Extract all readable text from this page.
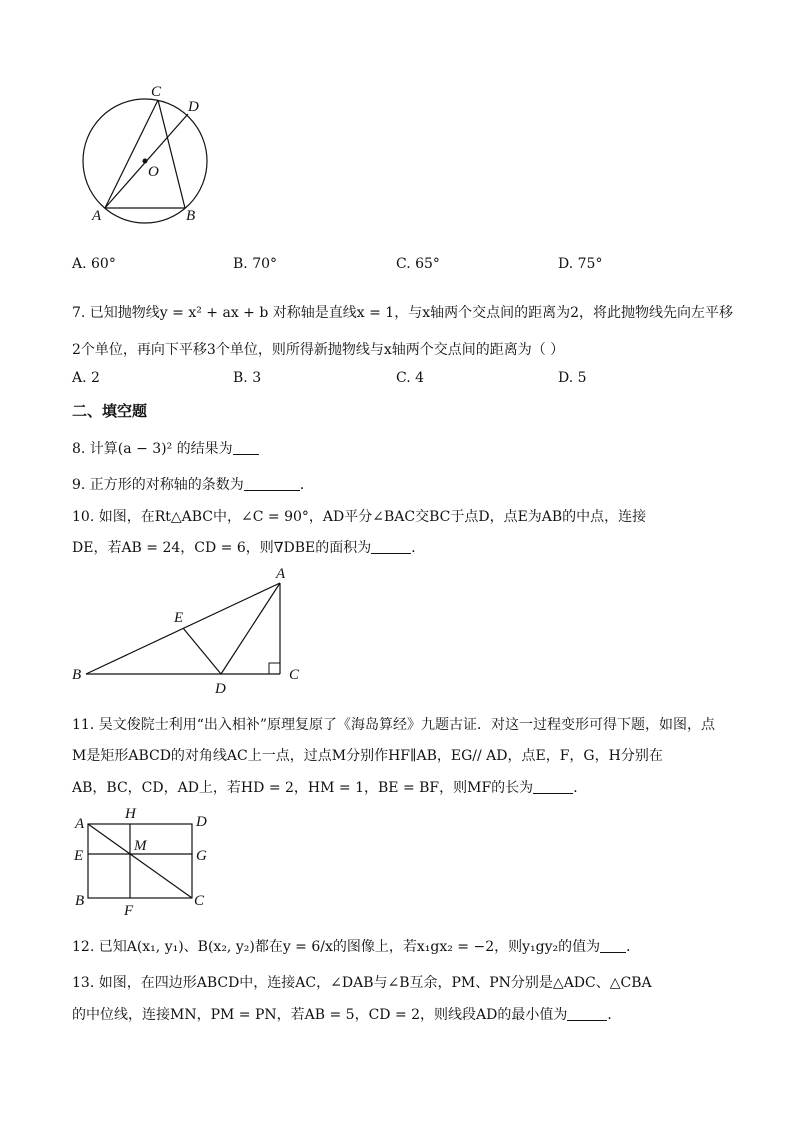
C
D
O
A	B
A. 60°	B. 70°	C. 65°	D. 75°
7. 已知抛物线y = x² + ax + b 对称轴是直线x = 1，与x轴两个交点间的距离为2，将此抛物线先向左平移
2个单位，再向下平移3个单位，则所得新抛物线与x轴两个交点间的距离为（ ）
A. 2	B. 3	C. 4	D. 5
二、填空题
8. 计算(a − 3)² 的结果为
9. 正方形的对称轴的条数为	．
10. 如图，在Rt△ABC中，∠C = 90°，AD平分∠BAC交BC于点D，点E为AB的中点，连接
DE，若AB = 24，CD = 6，则∇DBE的面积为	．
A
E
B
D
C
11. 吴文俊院士利用“出入相补”原理复原了《海岛算经》九题古证．对这一过程变形可得下题，如图，点
M是矩形ABCD的对角线AC上一点，过点M分别作HF∥AB，EG// AD，点E，F，G，H分别在
AB，BC，CD，AD上，若HD = 2，HM = 1，BE = BF，则MF的长为	．
A
H	D
M
E	G
B
F
C
12. 已知A(x₁, y₁)、B(x₂, y₂)都在y = 6/x的图像上，若x₁gx₂ = −2，则y₁gy₂的值为 ．
13. 如图，在四边形ABCD中，连接AC，∠DAB与∠B互余，PM、PN分别是△ADC、△CBA
的中位线，连接MN，PM = PN，若AB = 5，CD = 2，则线段AD的最小值为	．
